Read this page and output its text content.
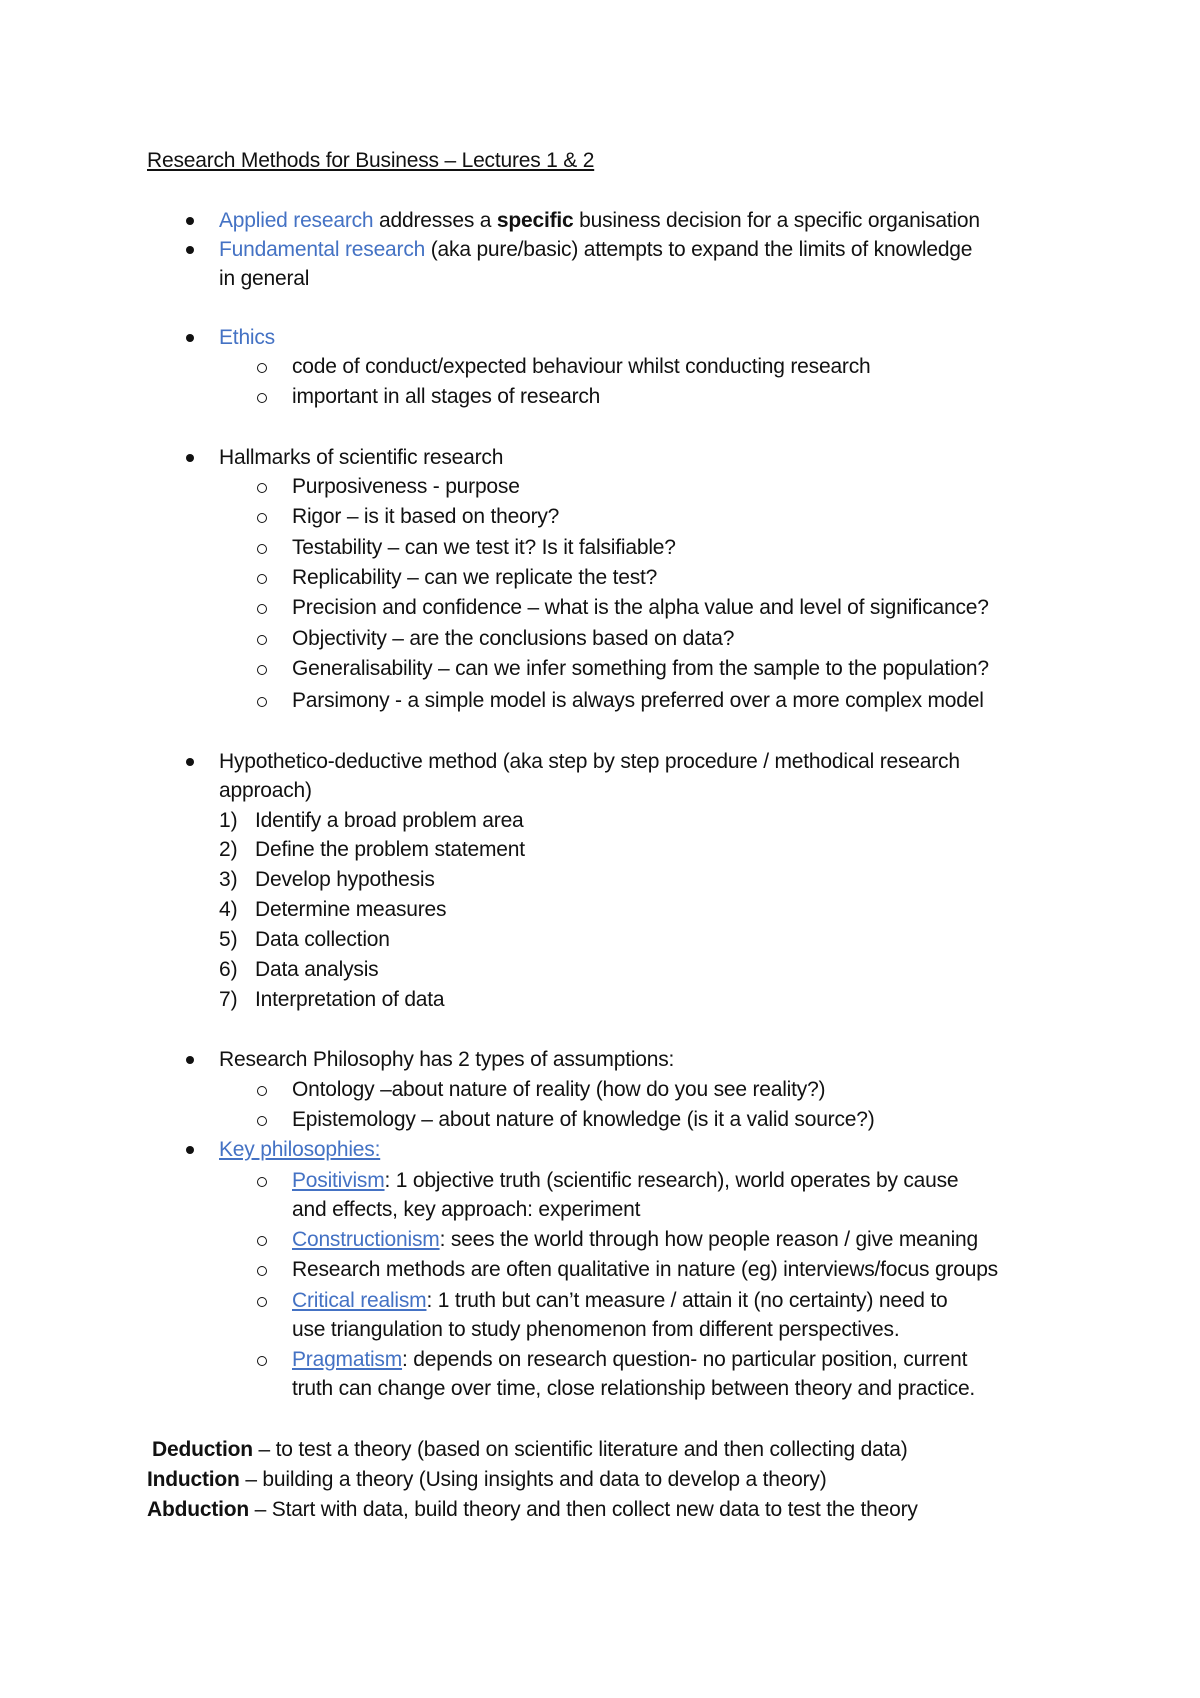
Research Methods for Business – Lectures 1 & 2
Applied research addresses a specific business decision for a specific organisation
Fundamental research (aka pure/basic) attempts to expand the limits of knowledge
in general
Ethics
code of conduct/expected behaviour whilst conducting research
important in all stages of research
Hallmarks of scientific research
Purposiveness - purpose
Rigor – is it based on theory?
Testability – can we test it? Is it falsifiable?
Replicability – can we replicate the test?
Precision and confidence – what is the alpha value and level of significance?
Objectivity – are the conclusions based on data?
Generalisability – can we infer something from the sample to the population?
Parsimony - a simple model is always preferred over a more complex model
Hypothetico-deductive method (aka step by step procedure / methodical research
approach)
1) Identify a broad problem area
2) Define the problem statement
3) Develop hypothesis
4) Determine measures
5) Data collection
6) Data analysis
7) Interpretation of data
Research Philosophy has 2 types of assumptions:
Ontology –about nature of reality (how do you see reality?)
Epistemology – about nature of knowledge (is it a valid source?)
Key philosophies:
Positivism: 1 objective truth (scientific research), world operates by cause
and effects, key approach: experiment
Constructionism: sees the world through how people reason / give meaning
Research methods are often qualitative in nature (eg) interviews/focus groups
Critical realism: 1 truth but can’t measure / attain it (no certainty) need to
use triangulation to study phenomenon from different perspectives.
Pragmatism: depends on research question- no particular position, current
truth can change over time, close relationship between theory and practice.
Deduction – to test a theory (based on scientific literature and then collecting data)
Induction – building a theory (Using insights and data to develop a theory)
Abduction – Start with data, build theory and then collect new data to test the theory
